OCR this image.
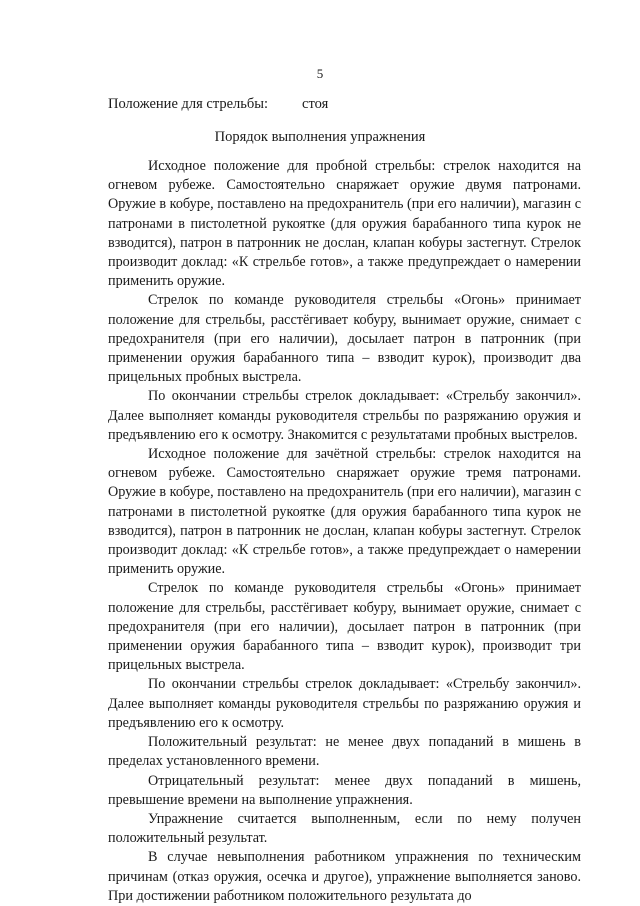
5
Положение для стрельбы: стоя
Порядок выполнения упражнения

Исходное положение для пробной стрельбы: стрелок находится на огневом рубеже. Самостоятельно снаряжает оружие двумя патронами. Оружие в кобуре, поставлено на предохранитель (при его наличии), магазин с патронами в пистолетной рукоятке (для оружия барабанного типа курок не взводится), патрон в патронник не дослан, клапан кобуры застегнут. Стрелок производит доклад: «К стрельбе готов», а также предупреждает о намерении применить оружие.

Стрелок по команде руководителя стрельбы «Огонь» принимает положение для стрельбы, расстёгивает кобуру, вынимает оружие, снимает с предохранителя (при его наличии), досылает патрон в патронник (при применении оружия барабанного типа – взводит курок), производит два прицельных пробных выстрела.

По окончании стрельбы стрелок докладывает: «Стрельбу закончил». Далее выполняет команды руководителя стрельбы по разряжанию оружия и предъявлению его к осмотру. Знакомится с результатами пробных выстрелов.

Исходное положение для зачётной стрельбы: стрелок находится на огневом рубеже. Самостоятельно снаряжает оружие тремя патронами. Оружие в кобуре, поставлено на предохранитель (при его наличии), магазин с патронами в пистолетной рукоятке (для оружия барабанного типа курок не взводится), патрон в патронник не дослан, клапан кобуры застегнут. Стрелок производит доклад: «К стрельбе готов», а также предупреждает о намерении применить оружие.

Стрелок по команде руководителя стрельбы «Огонь» принимает положение для стрельбы, расстёгивает кобуру, вынимает оружие, снимает с предохранителя (при его наличии), досылает патрон в патронник (при применении оружия барабанного типа – взводит курок), производит три прицельных выстрела.

По окончании стрельбы стрелок докладывает: «Стрельбу закончил». Далее выполняет команды руководителя стрельбы по разряжанию оружия и предъявлению его к осмотру.

Положительный результат: не менее двух попаданий в мишень в пределах установленного времени.

Отрицательный результат: менее двух попаданий в мишень, превышение времени на выполнение упражнения.

Упражнение считается выполненным, если по нему получен положительный результат.

В случае невыполнения работником упражнения по техническим причинам (отказ оружия, осечка и другое), упражнение выполняется заново. При достижении работником положительного результата до
